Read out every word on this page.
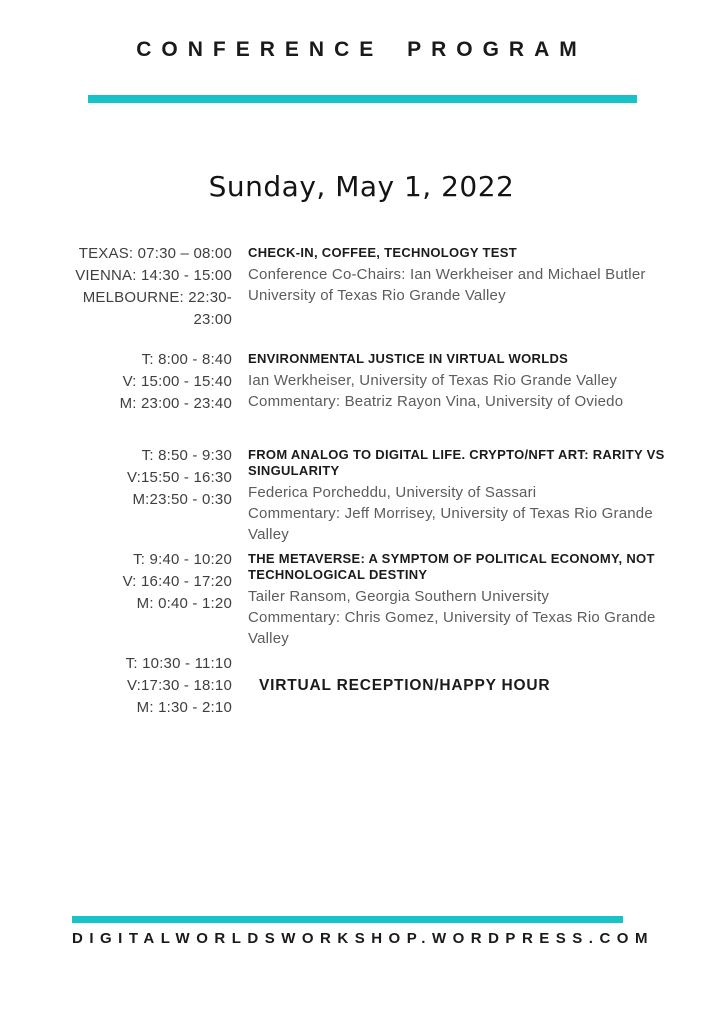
CONFERENCE PROGRAM
Sunday, May 1, 2022
TEXAS: 07:30 – 08:00
VIENNA: 14:30 - 15:00
MELBOURNE: 22:30-23:00
CHECK-IN, COFFEE, TECHNOLOGY TEST
Conference Co-Chairs: Ian Werkheiser and Michael Butler
University of Texas Rio Grande Valley
T: 8:00 - 8:40
V: 15:00 - 15:40
M: 23:00 - 23:40
ENVIRONMENTAL JUSTICE IN VIRTUAL WORLDS
Ian Werkheiser, University of Texas Rio Grande Valley
Commentary: Beatriz Rayon Vina, University of Oviedo
T: 8:50 - 9:30
V:15:50 - 16:30
M:23:50 - 0:30
FROM ANALOG TO DIGITAL LIFE. CRYPTO/NFT ART: RARITY VS SINGULARITY
Federica Porcheddu, University of Sassari
Commentary: Jeff Morrisey, University of Texas Rio Grande Valley
T: 9:40 - 10:20
V: 16:40 - 17:20
M: 0:40 - 1:20
THE METAVERSE: A SYMPTOM OF POLITICAL ECONOMY, NOT TECHNOLOGICAL DESTINY
Tailer Ransom, Georgia Southern University
Commentary: Chris Gomez, University of Texas Rio Grande Valley
T: 10:30 - 11:10
V:17:30 - 18:10
M: 1:30 - 2:10
VIRTUAL RECEPTION/HAPPY HOUR
DIGITALWORLDSWORKSHOP.WORDPRESS.COM
